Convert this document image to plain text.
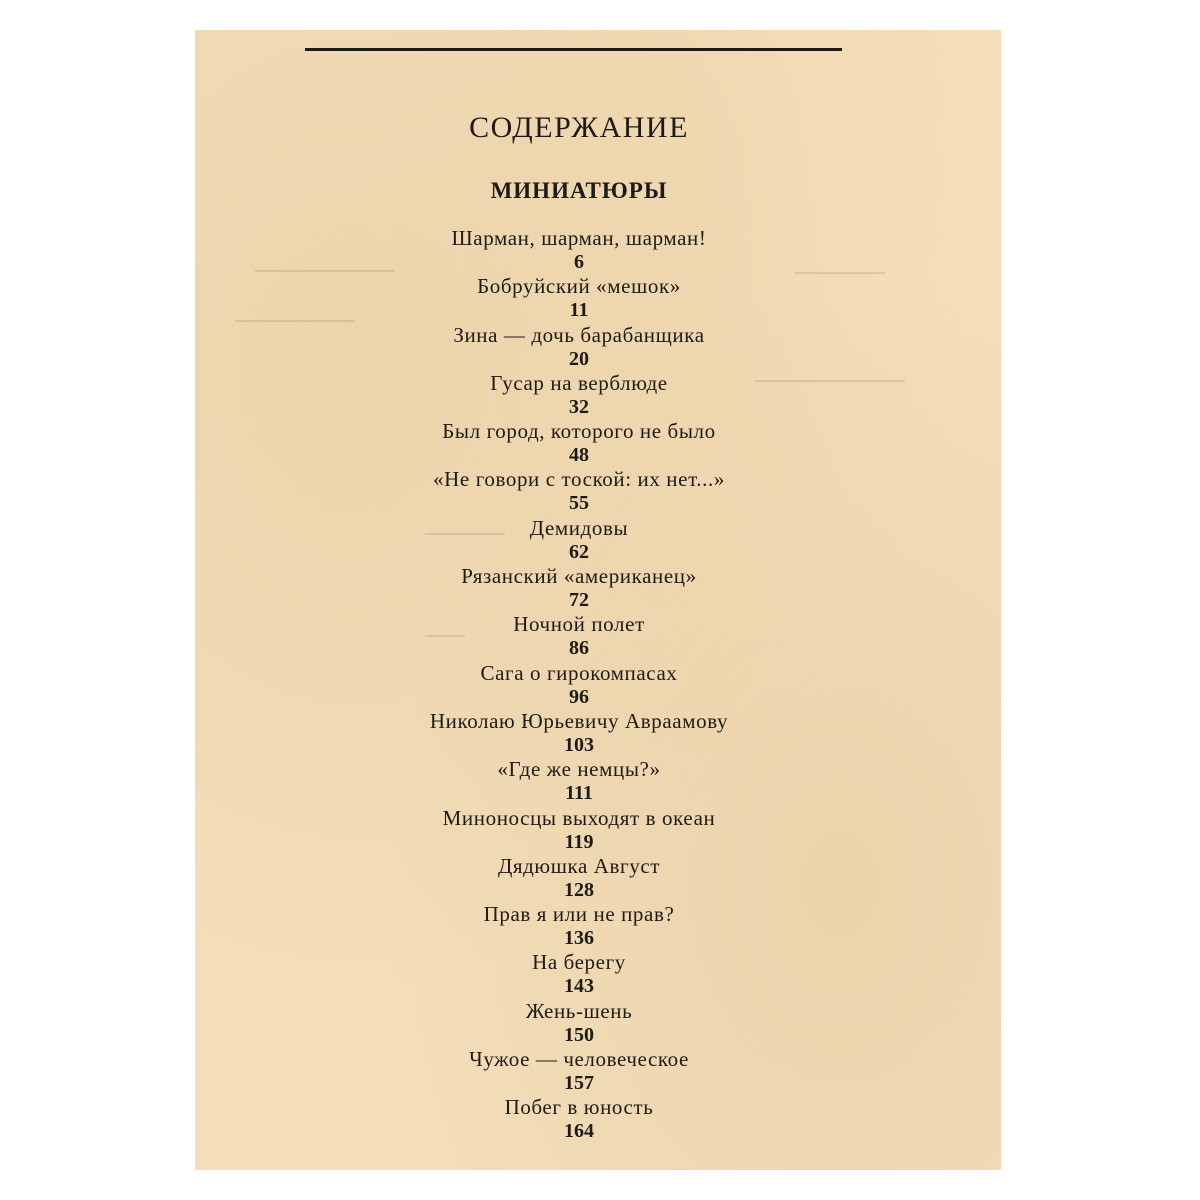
СОДЕРЖАНИЕ
МИНИАТЮРЫ
Шарман, шарман, шарман!
6
Бобруйский «мешок»
11
Зина — дочь барабанщика
20
Гусар на верблюде
32
Был город, которого не было
48
«Не говори с тоской: их нет...»
55
Демидовы
62
Рязанский «американец»
72
Ночной полет
86
Сага о гирокомпасах
96
Николаю Юрьевичу Авраамову
103
«Где же немцы?»
111
Миноносцы выходят в океан
119
Дядюшка Август
128
Прав я или не прав?
136
На берегу
143
Жень-шень
150
Чужое — человеческое
157
Побег в юность
164
